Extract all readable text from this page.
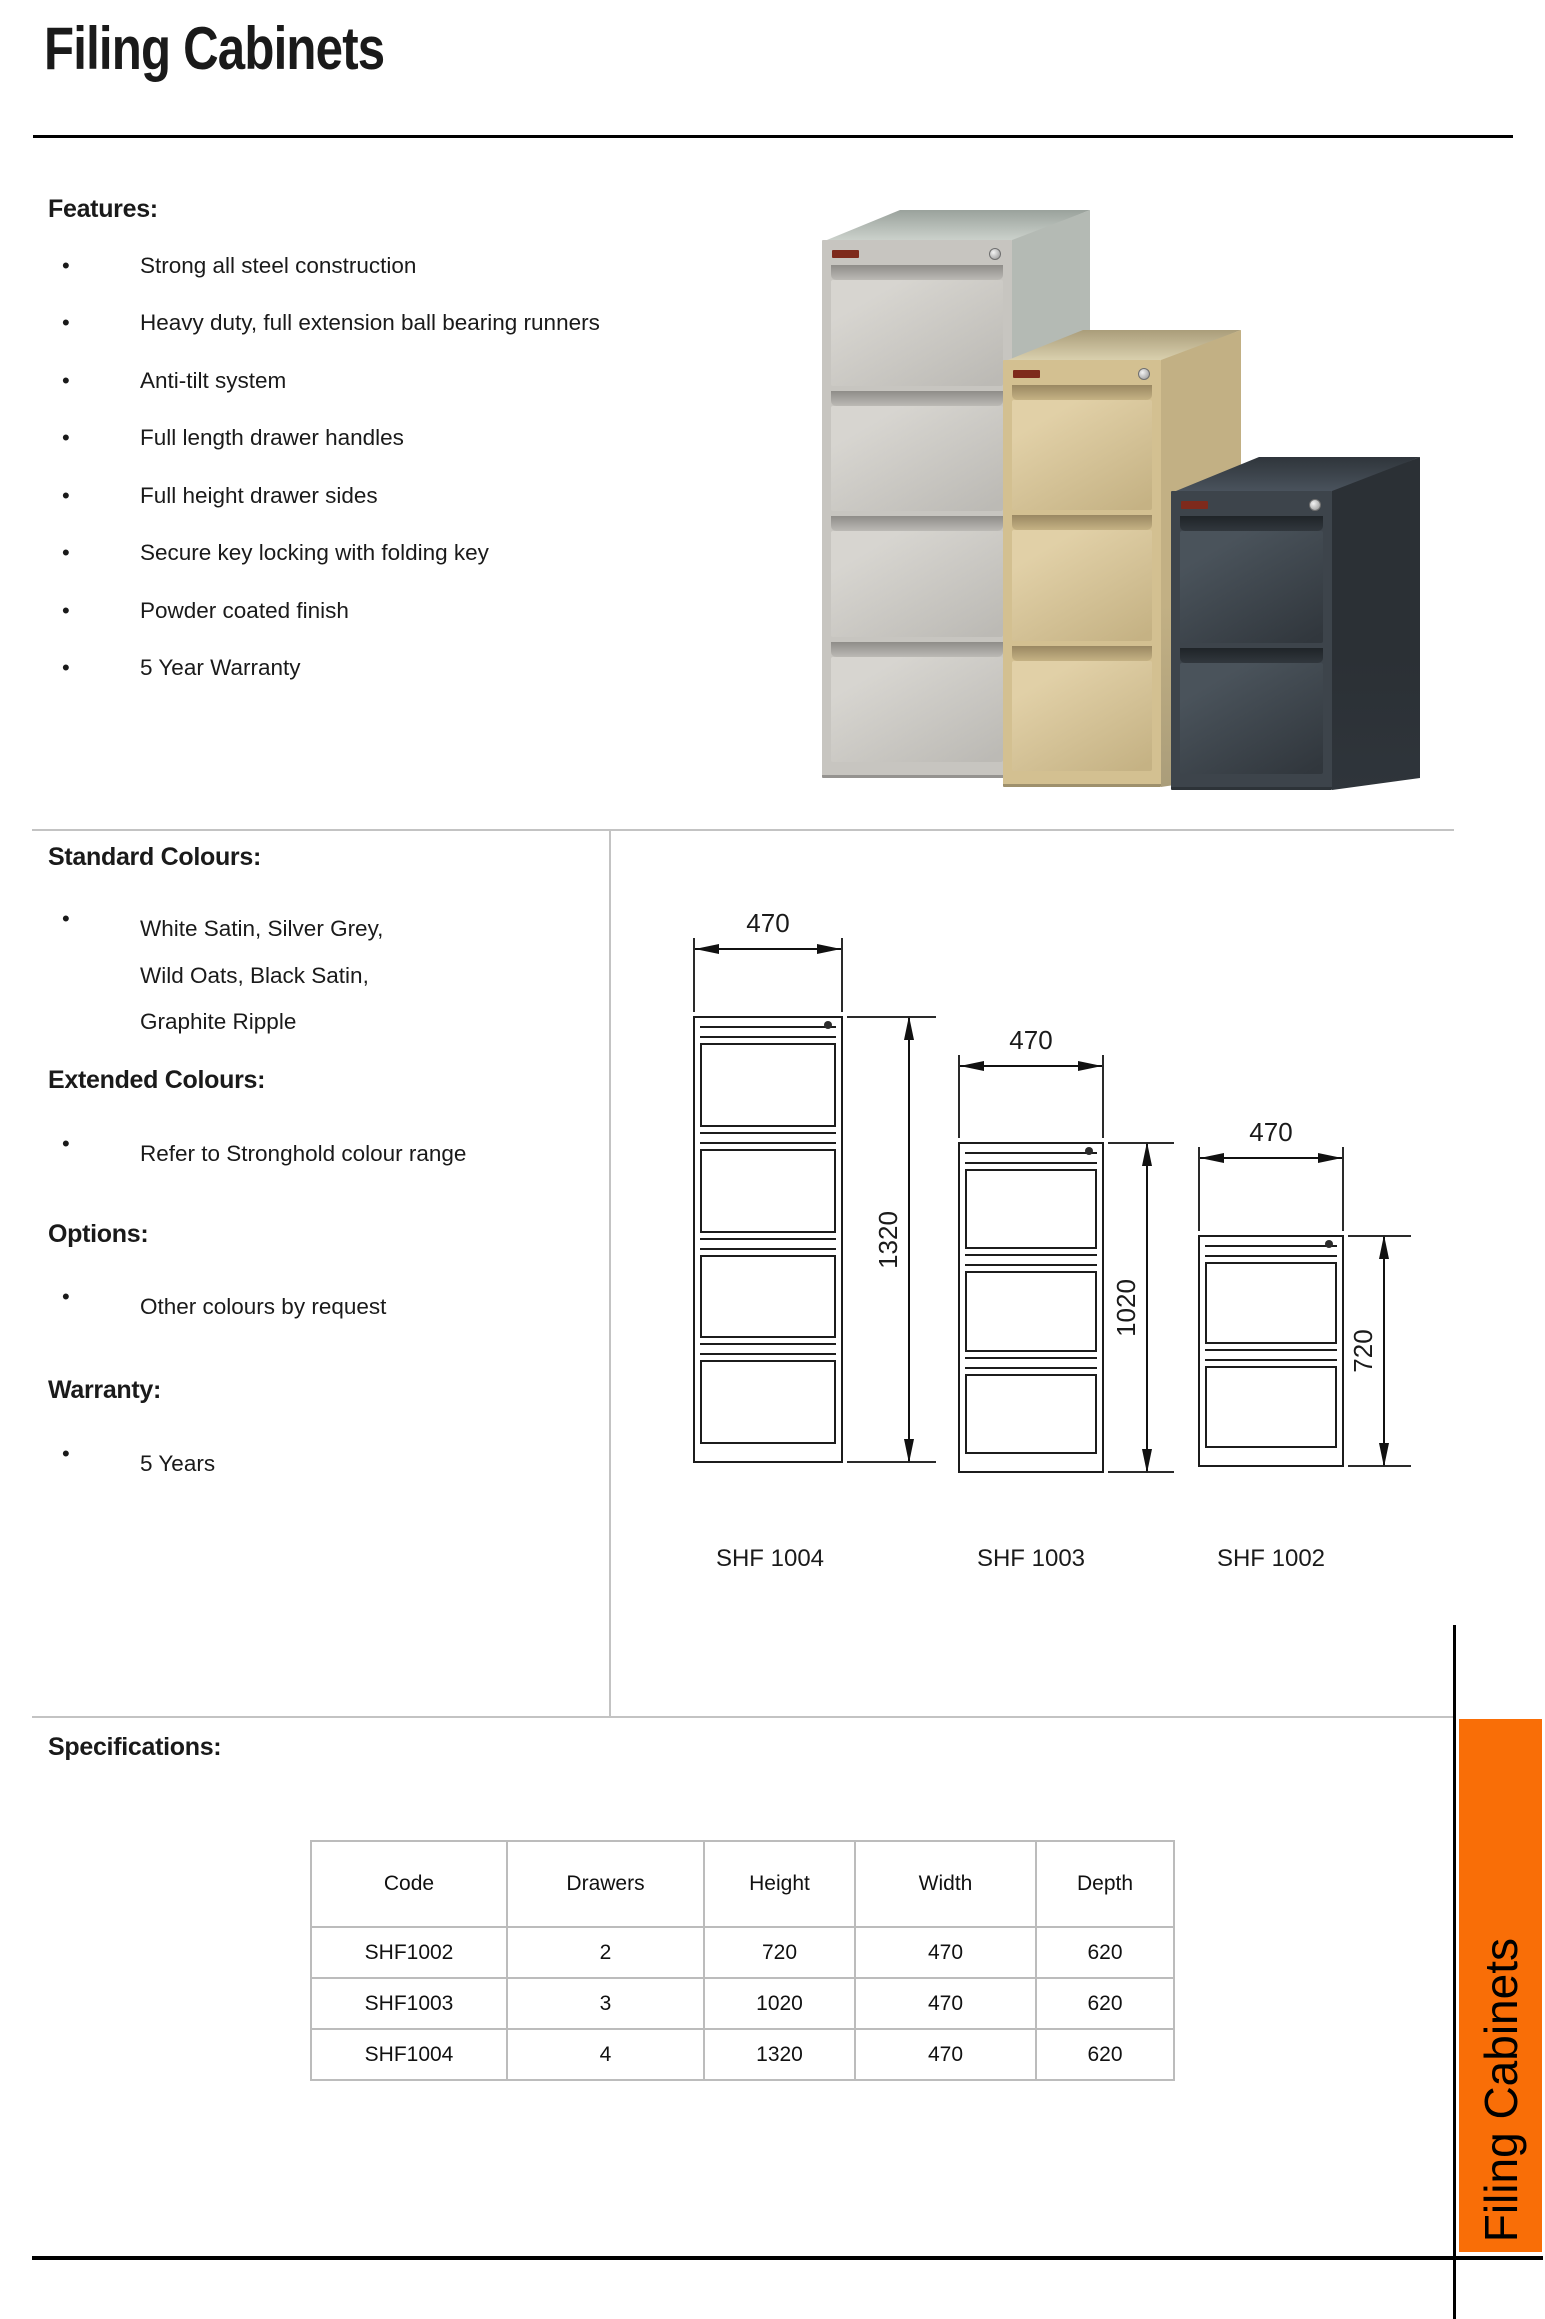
Filing Cabinets
Features:
•	Strong all steel construction
•	Heavy duty, full extension ball bearing runners
•	Anti-tilt system
•	Full length drawer handles
•	Full height drawer sides
•	Secure key locking with folding key
•	Powder coated finish
•	5 Year Warranty
Standard Colours:
•	White Satin, Silver Grey,
Wild Oats, Black Satin,
Graphite Ripple
Extended Colours:
•	Refer to Stronghold colour range
Options:
•	Other colours by request
Warranty:
•	5 Years
470
1320
SHF 1004
470
1020
SHF 1003
470
720
SHF 1002
Specifications:
Code	Drawers	Height	Width	Depth
SHF1002	2	720	470	620
SHF1003	3	1020	470	620
SHF1004	4	1320	470	620	Filing Cabinets
